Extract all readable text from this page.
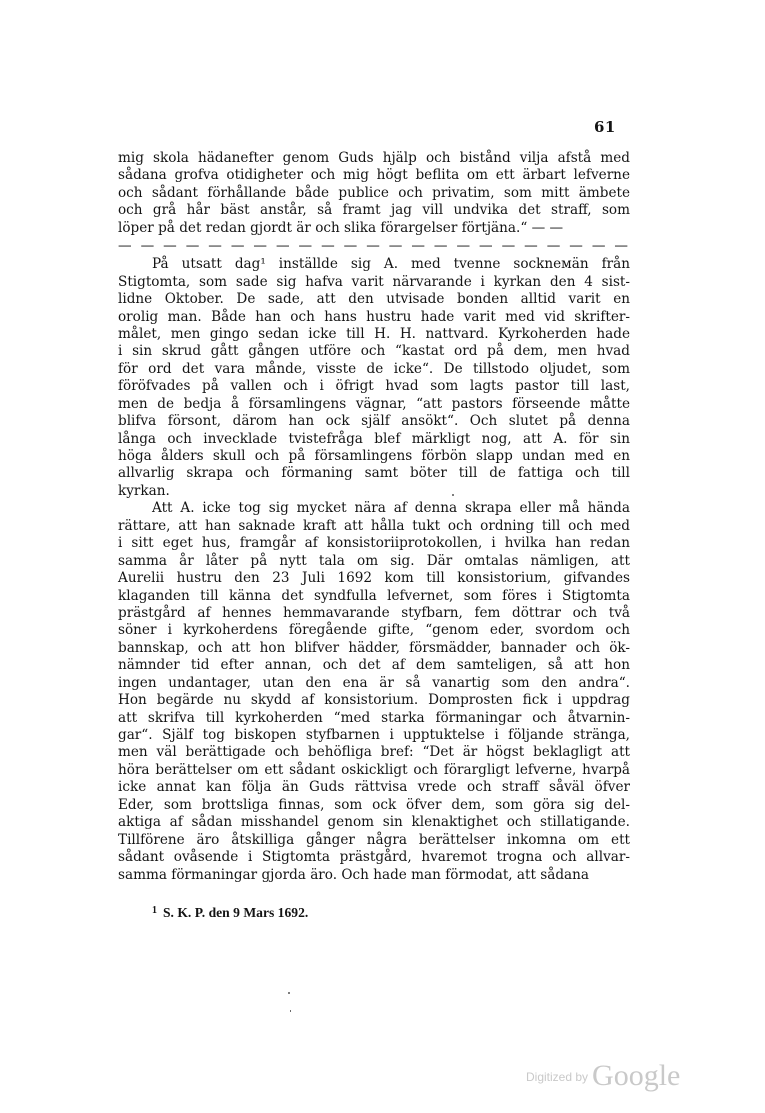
61
mig skola hädanefter genom Guds hjälp och bistånd vilja afstå med
sådana grofva otidigheter och mig högt beflita om ett ärbart lefverne
och sådant förhållande både publice och privatim, som mitt ämbete
och grå hår bäst anstår, så framt jag vill undvika det straff, som
löper på det redan gjordt är och slika förargelser förtjäna.“ — —
— — — — — — — — — — — — — — — — — — — — — — —
På utsatt dag¹ inställde sig A. med tvenne sockneмän från
Stigtomta, som sade sig hafva varit närvarande i kyrkan den 4 sist-
lidne Oktober. De sade, att den utvisade bonden alltid varit en
orolig man. Både han och hans hustru hade varit med vid skrifter-
målet, men gingo sedan icke till H. H. nattvard. Kyrkoherden hade
i sin skrud gått gången utföre och “kastat ord på dem, men hvad
för ord det vara månde, visste de icke“. De tillstodo oljudet, som
föröfvades på vallen och i öfrigt hvad som lagts pastor till last,
men de bedja å församlingens vägnar, “att pastors förseende måtte
blifva försont, därom han ock själf ansökt“. Och slutet på denna
långa och invecklade tvistefråga blef märkligt nog, att A. för sin
höga ålders skull och på församlingens förbön slapp undan med en
allvarlig skrapa och förmaning samt böter till de fattiga och till
kyrkan.
Att A. icke tog sig mycket nära af denna skrapa eller må hända
rättare, att han saknade kraft att hålla tukt och ordning till och med
i sitt eget hus, framgår af konsistoriiprotokollen, i hvilka han redan
samma år låter på nytt tala om sig. Där omtalas nämligen, att
Aurelii hustru den 23 Juli 1692 kom till konsistorium, gifvandes
klaganden till känna det syndfulla lefvernet, som föres i Stigtomta
prästgård af hennes hemmavarande styfbarn, fem döttrar och två
söner i kyrkoherdens föregående gifte, “genom eder, svordom och
bannskap, och att hon blifver hädder, försmädder, bannader och ök-
nämnder tid efter annan, och det af dem samteligen, så att hon
ingen undantager, utan den ena är så vanartig som den andra“.
Hon begärde nu skydd af konsistorium. Domprosten fick i uppdrag
att skrifva till kyrkoherden “med starka förmaningar och åtvarnin-
gar“. Själf tog biskopen styfbarnen i upptuktelse i följande stränga,
men väl berättigade och behöfliga bref: “Det är högst beklagligt att
höra berättelser om ett sådant oskickligt och förargligt lefverne, hvarpå
icke annat kan följa än Guds rättvisa vrede och straff såväl öfver
Eder, som brottsliga finnas, som ock öfver dem, som göra sig del-
aktiga af sådan misshandel genom sin klenaktighet och stillatigande.
Tillförene äro åtskilliga gånger några berättelser inkomna om ett
sådant ovåsende i Stigtomta prästgård, hvaremot trogna och allvar-
samma förmaningar gjorda äro. Och hade man förmodat, att sådana
$^1$ S. K. P. den 9 Mars 1692.
$^{Digitized by}$ Google
